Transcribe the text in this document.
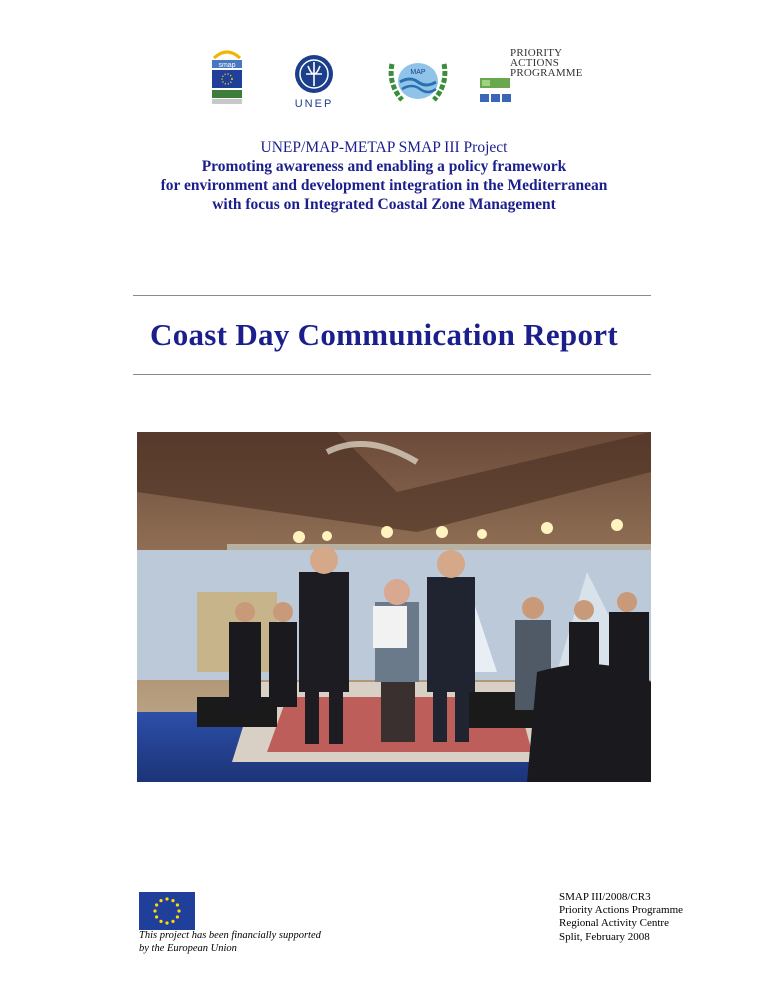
smap
UNEP
MAP
PRIORITY
ACTIONS
PROGRAMME
UNEP/MAP-METAP SMAP III Project
Promoting awareness and enabling a policy framework
for environment and development integration in the Mediterranean
with focus on Integrated Coastal Zone Management
Coast Day Communication Report
This project has been financially supported
by the European Union
SMAP III/2008/CR3
Priority Actions Programme
Regional Activity Centre
Split, February 2008
